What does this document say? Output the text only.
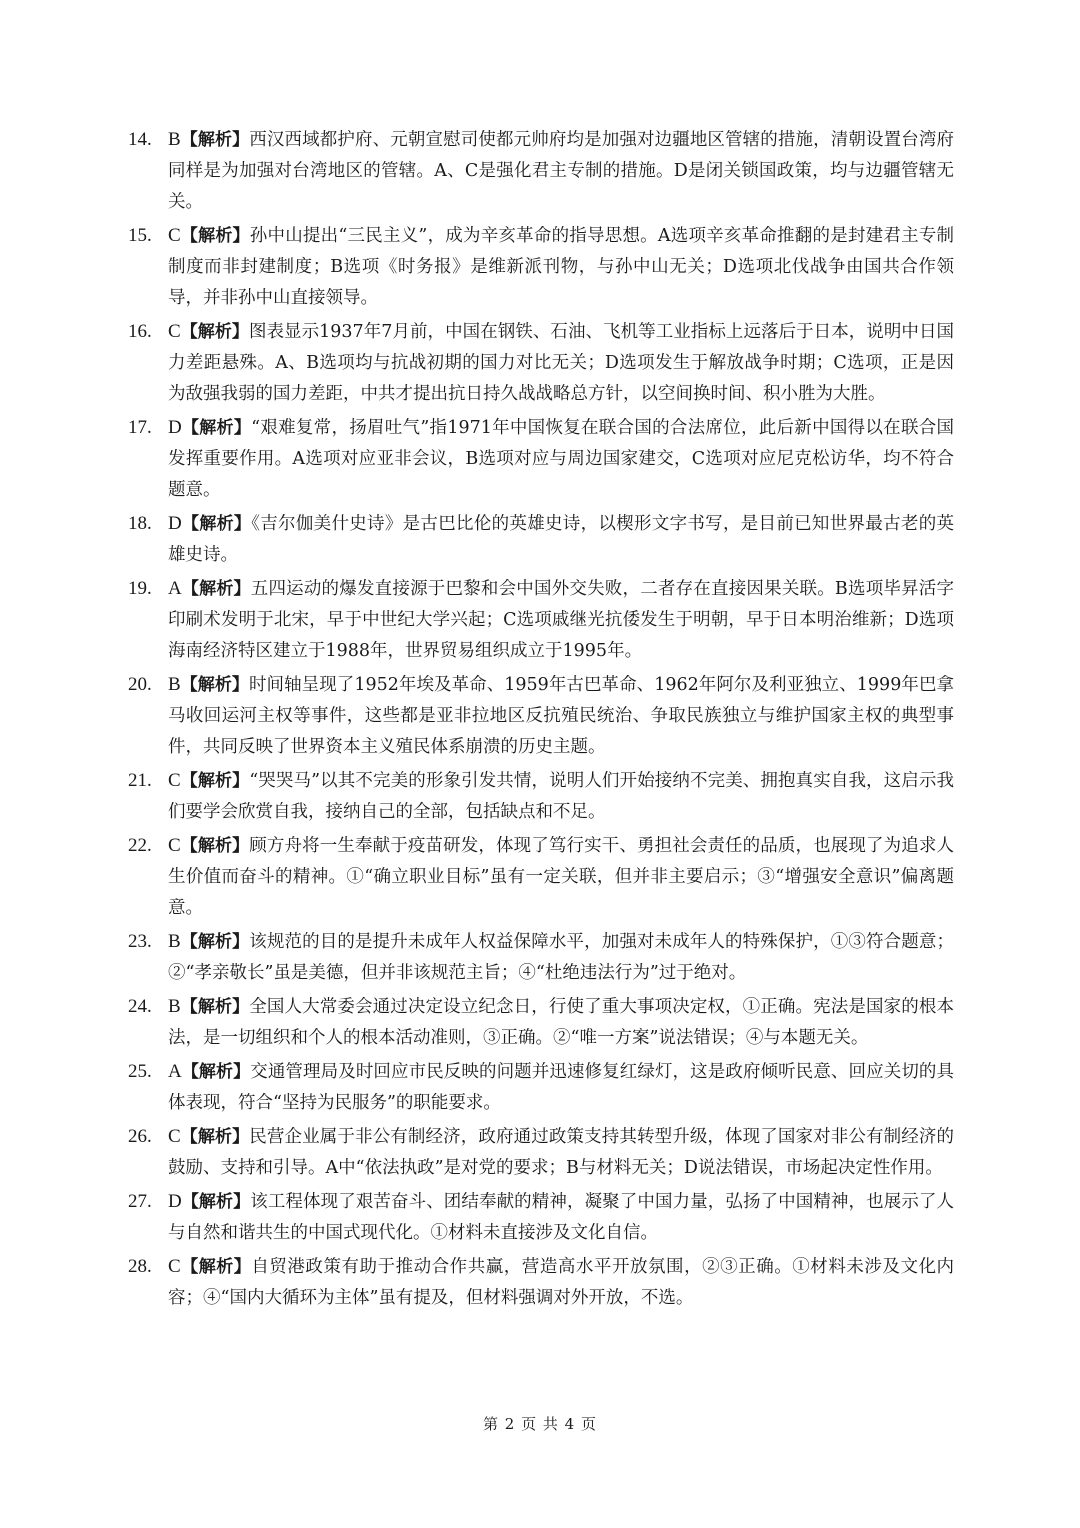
14. B【解析】西汉西域都护府、元朝宣慰司使都元帅府均是加强对边疆地区管辖的措施，清朝设置台湾府同样是为加强对台湾地区的管辖。A、C是强化君主专制的措施。D是闭关锁国政策，均与边疆管辖无关。

15. C【解析】孙中山提出“三民主义”，成为辛亥革命的指导思想。A选项辛亥革命推翻的是封建君主专制制度而非封建制度；B选项《时务报》是维新派刊物，与孙中山无关；D选项北伐战争由国共合作领导，并非孙中山直接领导。

16. C【解析】图表显示1937年7月前，中国在钢铁、石油、飞机等工业指标上远落后于日本，说明中日国力差距悬殊。A、B选项均与抗战初期的国力对比无关；D选项发生于解放战争时期；C选项，正是因为敌强我弱的国力差距，中共才提出抗日持久战战略总方针，以空间换时间、积小胜为大胜。

17. D【解析】“艰难复常，扬眉吐气”指1971年中国恢复在联合国的合法席位，此后新中国得以在联合国发挥重要作用。A选项对应亚非会议，B选项对应与周边国家建交，C选项对应尼克松访华，均不符合题意。

18. D【解析】《吉尔伽美什史诗》是古巴比伦的英雄史诗，以楔形文字书写，是目前已知世界最古老的英雄史诗。

19. A【解析】五四运动的爆发直接源于巴黎和会中国外交失败，二者存在直接因果关联。B选项毕昇活字印刷术发明于北宋，早于中世纪大学兴起；C选项戚继光抗倭发生于明朝，早于日本明治维新；D选项海南经济特区建立于1988年，世界贸易组织成立于1995年。

20. B【解析】时间轴呈现了1952年埃及革命、1959年古巴革命、1962年阿尔及利亚独立、1999年巴拿马收回运河主权等事件，这些都是亚非拉地区反抗殖民统治、争取民族独立与维护国家主权的典型事件，共同反映了世界资本主义殖民体系崩溃的历史主题。

21. C【解析】“哭哭马”以其不完美的形象引发共情，说明人们开始接纳不完美、拥抱真实自我，这启示我们要学会欣赏自我，接纳自己的全部，包括缺点和不足。

22. C【解析】顾方舟将一生奉献于疫苗研发，体现了笃行实干、勇担社会责任的品质，也展现了为追求人生价值而奋斗的精神。①“确立职业目标”虽有一定关联，但并非主要启示；③“增强安全意识”偏离题意。

23. B【解析】该规范的目的是提升未成年人权益保障水平，加强对未成年人的特殊保护，①③符合题意；②“孝亲敬长”虽是美德，但并非该规范主旨；④“杜绝违法行为”过于绝对。

24. B【解析】全国人大常委会通过决定设立纪念日，行使了重大事项决定权，①正确。宪法是国家的根本法，是一切组织和个人的根本活动准则，③正确。②“唯一方案”说法错误；④与本题无关。

25. A【解析】交通管理局及时回应市民反映的问题并迅速修复红绿灯，这是政府倾听民意、回应关切的具体表现，符合“坚持为民服务”的职能要求。

26. C【解析】民营企业属于非公有制经济，政府通过政策支持其转型升级，体现了国家对非公有制经济的鼓励、支持和引导。A中“依法执政”是对党的要求；B与材料无关；D说法错误，市场起决定性作用。

27. D【解析】该工程体现了艰苦奋斗、团结奉献的精神，凝聚了中国力量，弘扬了中国精神，也展示了人与自然和谐共生的中国式现代化。①材料未直接涉及文化自信。

28. C【解析】自贸港政策有助于推动合作共赢，营造高水平开放氛围，②③正确。①材料未涉及文化内容；④“国内大循环为主体”虽有提及，但材料强调对外开放，不选。

第 2 页 共 4 页
